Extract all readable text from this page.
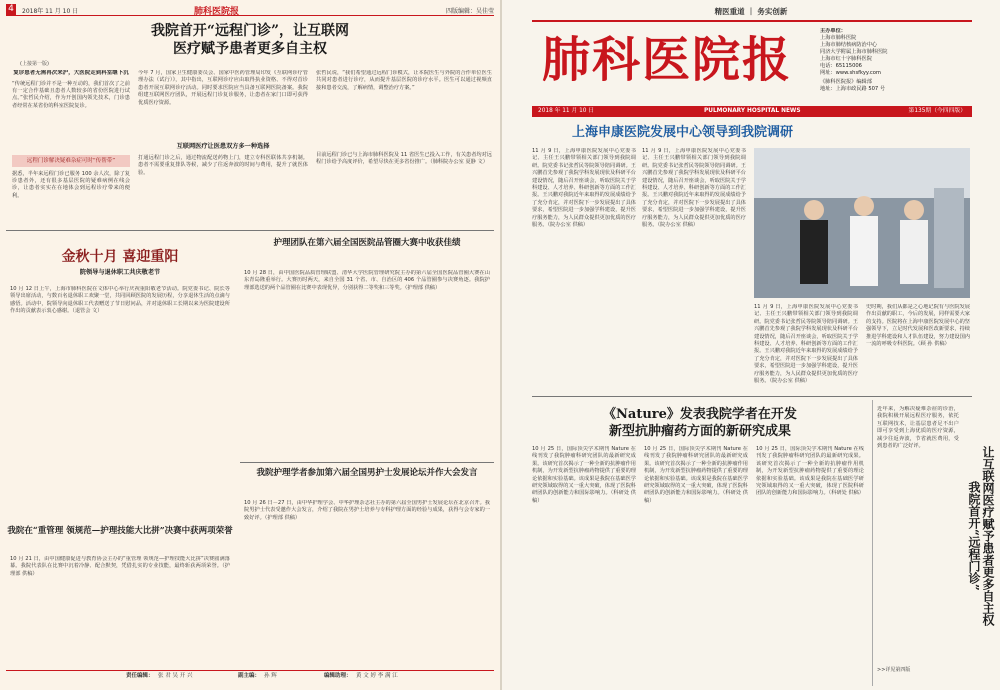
4	2018年 11 月 10 日	肺科医院报	四版编辑：吴佳莹
我院首开“远程门诊”，让互联网
医疗赋予患者更多自主权
(上接第一版)
复诊患者无需再次来沪，大医院走到科室继下沉
“传统远程门诊并不是一种互动的，我们首次了之前有一定合作基础且患者人数较多的省份医院进行试点。”张哲民介绍，作为开创国内领先技术，门诊患者经常在某省份的科室医院复诊。
远程门诊解决疑难杂症可时“传帮带”
据悉，半年来远程门诊已服务 100 余人次，除了复诊患者外，还有很多基层医院的疑难病例在线会诊，让患者实实在在地体会到远程诊疗带来的便利。
今年 7 月，国家卫生健康委员会、国家中医药管理局印发《互联网诊疗管理办法（试行）》，其中指出，互联网诊疗应由取得执业资格、不得对首诊患者开展互联网诊疗活动。同时要求医院应当具备互联网医院备案。我院组建互联网医疗团队，开展远程门诊复诊服务，让患者在家门口即可获得优质医疗资源。
互联网医疗让医患双方多一种选择
打通远程门诊之后，通过物流配送药物上门，建立专科医联体共享机制。患者不需要重复排队等候，减少了往返奔波的时间与费用，提升了就医体验。
张哲民说，“我们希望通过远程门诊模式，让本院医生与外院的合作单位医生共同对患者进行诊疗，从而提升基层医院的诊疗水平。医生可以通过视频直接和患者交流，了解病情，调整治疗方案。”
目前远程门诊已与上海市肺科医院及 11 省医生已投入工作，有关患者均对远程门诊给予高度评价，希望尽快在更多省份推广。（肺科院办公室 夏静 文）
金秋十月 喜迎重阳
院领导与退休职工共庆敬老节
10 月 12 日上午，上海市肺科医院在文体中心举行庆祝重阳敬老节活动。院党委书记、院长等领导出席活动，与数百名退休职工欢聚一堂，共同回顾医院的发展历程，分享退休生活的点滴与感悟。活动中，院领导向退休职工代表赠送了节日慰问品，并对退休职工长期以来为医院建设所作出的贡献表示衷心感谢。（退管会 文）
护理团队在第六届全国医院品管圈大赛中收获佳绩
10 月 28 日，由中国医院品质管理联盟、清华大学医院管理研究院主办的第六届全国医院品管圈大赛在山东青岛隆重举行。大赛历时两天，来自全国 31 个省、市、自治区的 406 个品管圈参与决赛角逐。我院护理部选送的两个品管圈在比赛中表现优异，分别获得二等奖和三等奖。（护理部 供稿）
我院护理学者参加第六届全国男护士发展论坛并作大会发言
10 月 26 日－27 日，由中华护理学会、中华护理杂志社主办的第六届全国男护士发展论坛在北京召开。我院男护士代表受邀作大会发言，介绍了我院在男护士培养与专科护理方面的经验与成果，获得与会专家的一致好评。（护理部 供稿）
我院在“重管理 领规范—护理技能大比拼”决赛中获两项荣誉
10 月 21 日，由中国健康促进与教育协会主办的“重管理 领规范—护理技能大比拼”决赛圆满落幕。我院代表队在比赛中沉着冷静、配合默契，凭借扎实的专业技能，最终斩获两项荣誉。（护理部 供稿）
责任编辑： 张 君 吴 开 兴	副主编： 孙 辉	编辑助理： 黄 文 婷 李 满 江
精医重道 ｜ 务实创新
肺科医院报
主办单位：
上海市肺科医院
上海市肺结核病防治中心
同济大学附属上海市肺科医院
上海市红十字肺科医院
电话：65115006
网址：www.shsfkyy.com
《肺科医院报》编辑部
地址：上海市政民路 507 号
2018 年 11 月 10 日	PULMONARY HOSPITAL NEWS	第135期（今四四版）
上海申康医院发展中心领导到我院调研
11 月 9 日，上海申康医院发展中心党委书记、主任王兴鹏带领相关部门领导到我院调研。院党委书记张哲民等院领导陪同调研。王兴鹏首先参观了我院学科发展现状及科研平台建设情况，随后召开座谈会，听取医院关于学科建设、人才培养、科研创新等方面的工作汇报。王兴鹏对我院近年来取得的发展成绩给予了充分肯定，并对医院下一步发展提出了具体要求，希望医院进一步加强学科建设，提升医疗服务能力，为人民群众提供更加优质的医疗服务。（院办公室 供稿）
11 月 9 日，上海申康医院发展中心党委书记、主任王兴鹏带领相关部门领导到我院调研。院党委书记张哲民等院领导陪同调研。王兴鹏首先参观了我院学科发展现状及科研平台建设情况，随后召开座谈会，听取医院关于学科建设、人才培养、科研创新等方面的工作汇报。王兴鹏对我院近年来取得的发展成绩给予了充分肯定，并对医院下一步发展提出了具体要求，希望医院进一步加强学科建设，提升医疗服务能力，为人民群众提供更加优质的医疗服务。（院办公室 供稿）
11 月 9 日，上海申康医院发展中心党委书记、主任王兴鹏带领相关部门领导到我院调研。院党委书记张哲民等院领导陪同调研。王兴鹏首先参观了我院学科发展现状及科研平台建设情况，随后召开座谈会，听取医院关于学科建设、人才培养、科研创新等方面的工作汇报。王兴鹏对我院近年来取得的发展成绩给予了充分肯定，并对医院下一步发展提出了具体要求，希望医院进一步加强学科建设，提升医疗服务能力，为人民群众提供更加优质的医疗服务。（院办公室 供稿）
史时期，我们从都是之心地记院有与医院发展作出贡献的职工，今后的发展，同样需要大家的支持。医院将在上海申康医院发展中心的坚强领导下，立足时代发展和医改新要求，持续推进学科建设和人才队伍建设，努力建设国内一流的呼吸专科医院。（顾 孙 供稿）
《Nature》发表我院学者在开发
新型抗肿瘤药方面的新研究成果
10 月 25 日，国际顶尖学术期刊 Nature 在线刊发了我院肿瘤科研究团队的最新研究成果。该研究首次揭示了一种全新的抗肿瘤作用机制，为开发新型抗肿瘤药物提供了重要的理论依据和实验基础。该成果是我院在基础医学研究领域取得的又一重大突破，体现了医院科研团队的创新能力和国际影响力。（科研处 供稿）
10 月 25 日，国际顶尖学术期刊 Nature 在线刊发了我院肿瘤科研究团队的最新研究成果。该研究首次揭示了一种全新的抗肿瘤作用机制，为开发新型抗肿瘤药物提供了重要的理论依据和实验基础。该成果是我院在基础医学研究领域取得的又一重大突破，体现了医院科研团队的创新能力和国际影响力。（科研处 供稿）
10 月 25 日，国际顶尖学术期刊 Nature 在线刊发了我院肿瘤科研究团队的最新研究成果。该研究首次揭示了一种全新的抗肿瘤作用机制，为开发新型抗肿瘤药物提供了重要的理论依据和实验基础。该成果是我院在基础医学研究领域取得的又一重大突破，体现了医院科研团队的创新能力和国际影响力。（科研处 供稿）
近年来，为解决疑难杂症的诊治，我院积极开展远程医疗服务，依托互联网技术，让基层患者足不出户即可享受到上海优质的医疗资源，减少往返奔波，节省就医费用，受到患者的广泛好评。
我院首开“远程门诊” 让互联网医疗赋予患者更多自主权
>>详见第四版
